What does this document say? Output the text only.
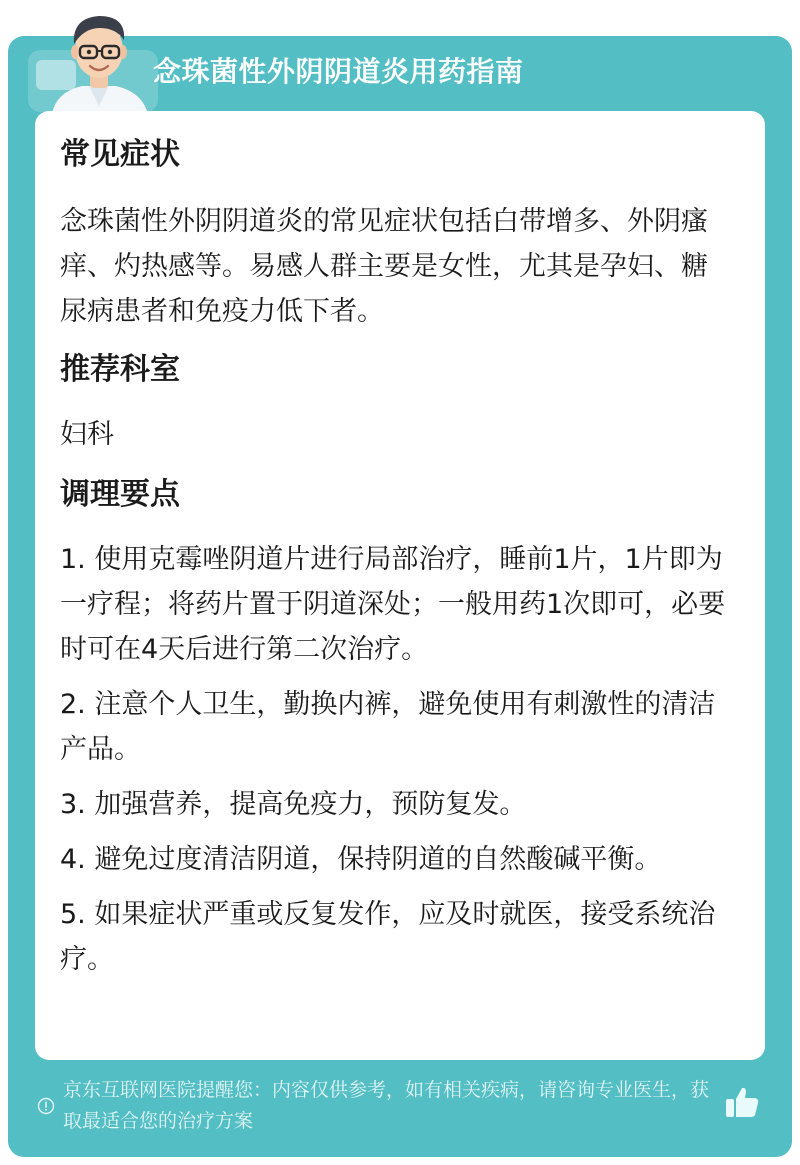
念珠菌性外阴阴道炎用药指南
常见症状

念珠菌性外阴阴道炎的常见症状包括白带增多、外阴瘙痒、灼热感等。易感人群主要是女性，尤其是孕妇、糖尿病患者和免疫力低下者。

推荐科室

妇科

调理要点

1. 使用克霉唑阴道片进行局部治疗，睡前1片，1片即为一疗程；将药片置于阴道深处；一般用药1次即可，必要时可在4天后进行第二次治疗。

2. 注意个人卫生，勤换内裤，避免使用有刺激性的清洁产品。

3. 加强营养，提高免疫力，预防复发。

4. 避免过度清洁阴道，保持阴道的自然酸碱平衡。

5. 如果症状严重或反复发作，应及时就医，接受系统治疗。

京东互联网医院提醒您：内容仅供参考，如有相关疾病，请咨询专业医生，获取最适合您的治疗方案
